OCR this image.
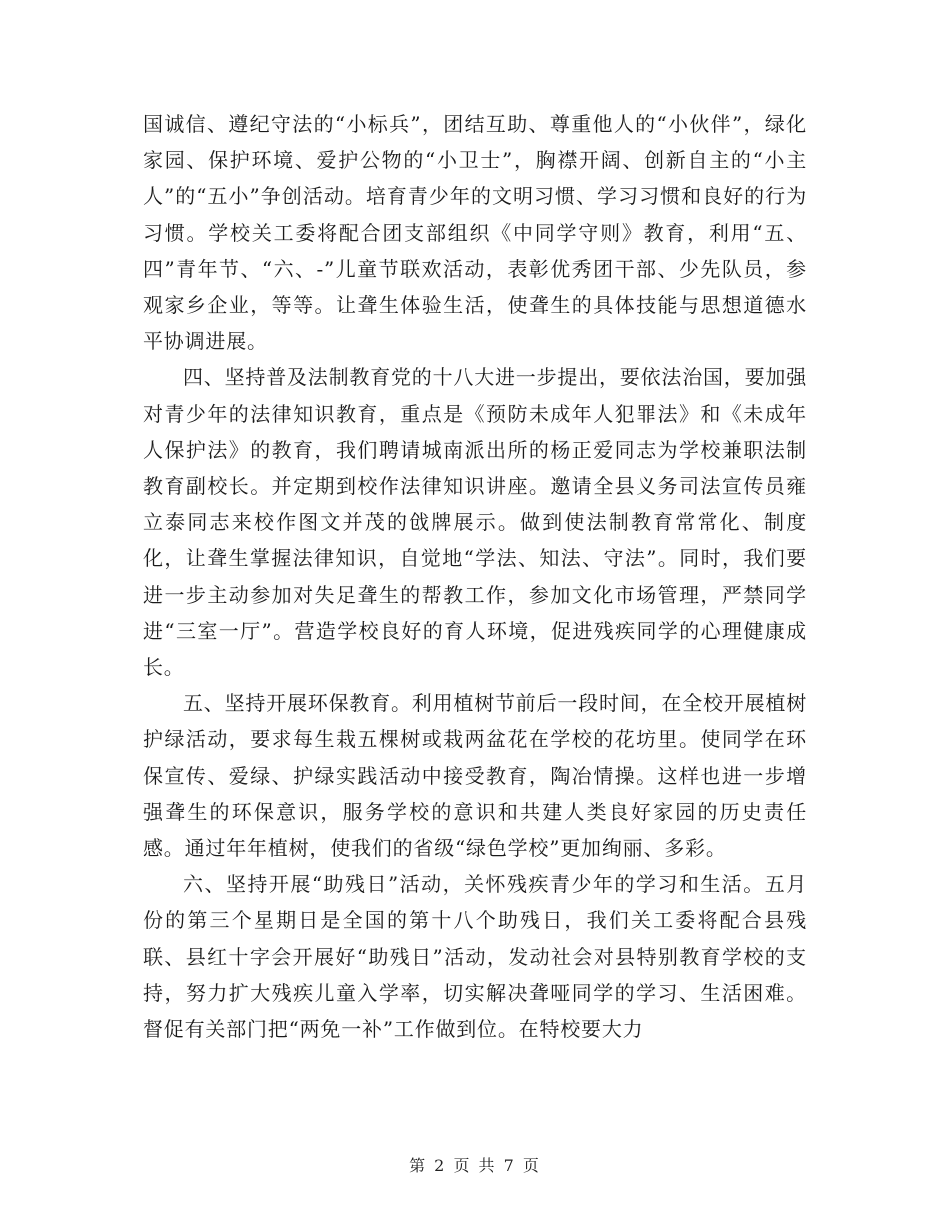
国诚信、遵纪守法的“小标兵”，团结互助、尊重他人的“小伙伴”，绿化家园、保护环境、爱护公物的“小卫士”，胸襟开阔、创新自主的“小主人”的“五小”争创活动。培育青少年的文明习惯、学习习惯和良好的行为习惯。学校关工委将配合团支部组织《中同学守则》教育，利用“五、四”青年节、“六、-”儿童节联欢活动，表彰优秀团干部、少先队员，参观家乡企业，等等。让聋生体验生活，使聋生的具体技能与思想道德水平协调进展。

四、坚持普及法制教育党的十八大进一步提出，要依法治国，要加强对青少年的法律知识教育，重点是《预防未成年人犯罪法》和《未成年人保护法》的教育，我们聘请城南派出所的杨正爱同志为学校兼职法制教育副校长。并定期到校作法律知识讲座。邀请全县义务司法宣传员雍立泰同志来校作图文并茂的戗牌展示。做到使法制教育常常化、制度化，让聋生掌握法律知识，自觉地“学法、知法、守法”。同时，我们要进一步主动参加对失足聋生的帮教工作，参加文化市场管理，严禁同学进“三室一厅”。营造学校良好的育人环境，促进残疾同学的心理健康成长。

五、坚持开展环保教育。利用植树节前后一段时间，在全校开展植树护绿活动，要求每生栽五棵树或栽两盆花在学校的花坊里。使同学在环保宣传、爱绿、护绿实践活动中接受教育，陶冶情操。这样也进一步增强聋生的环保意识，服务学校的意识和共建人类良好家园的历史责任感。通过年年植树，使我们的省级“绿色学校”更加绚丽、多彩。

六、坚持开展“助残日”活动，关怀残疾青少年的学习和生活。五月份的第三个星期日是全国的第十八个助残日，我们关工委将配合县残联、县红十字会开展好“助残日”活动，发动社会对县特别教育学校的支持，努力扩大残疾儿童入学率，切实解决聋哑同学的学习、生活困难。督促有关部门把“两免一补”工作做到位。在特校要大力

第 2 页 共 7 页
